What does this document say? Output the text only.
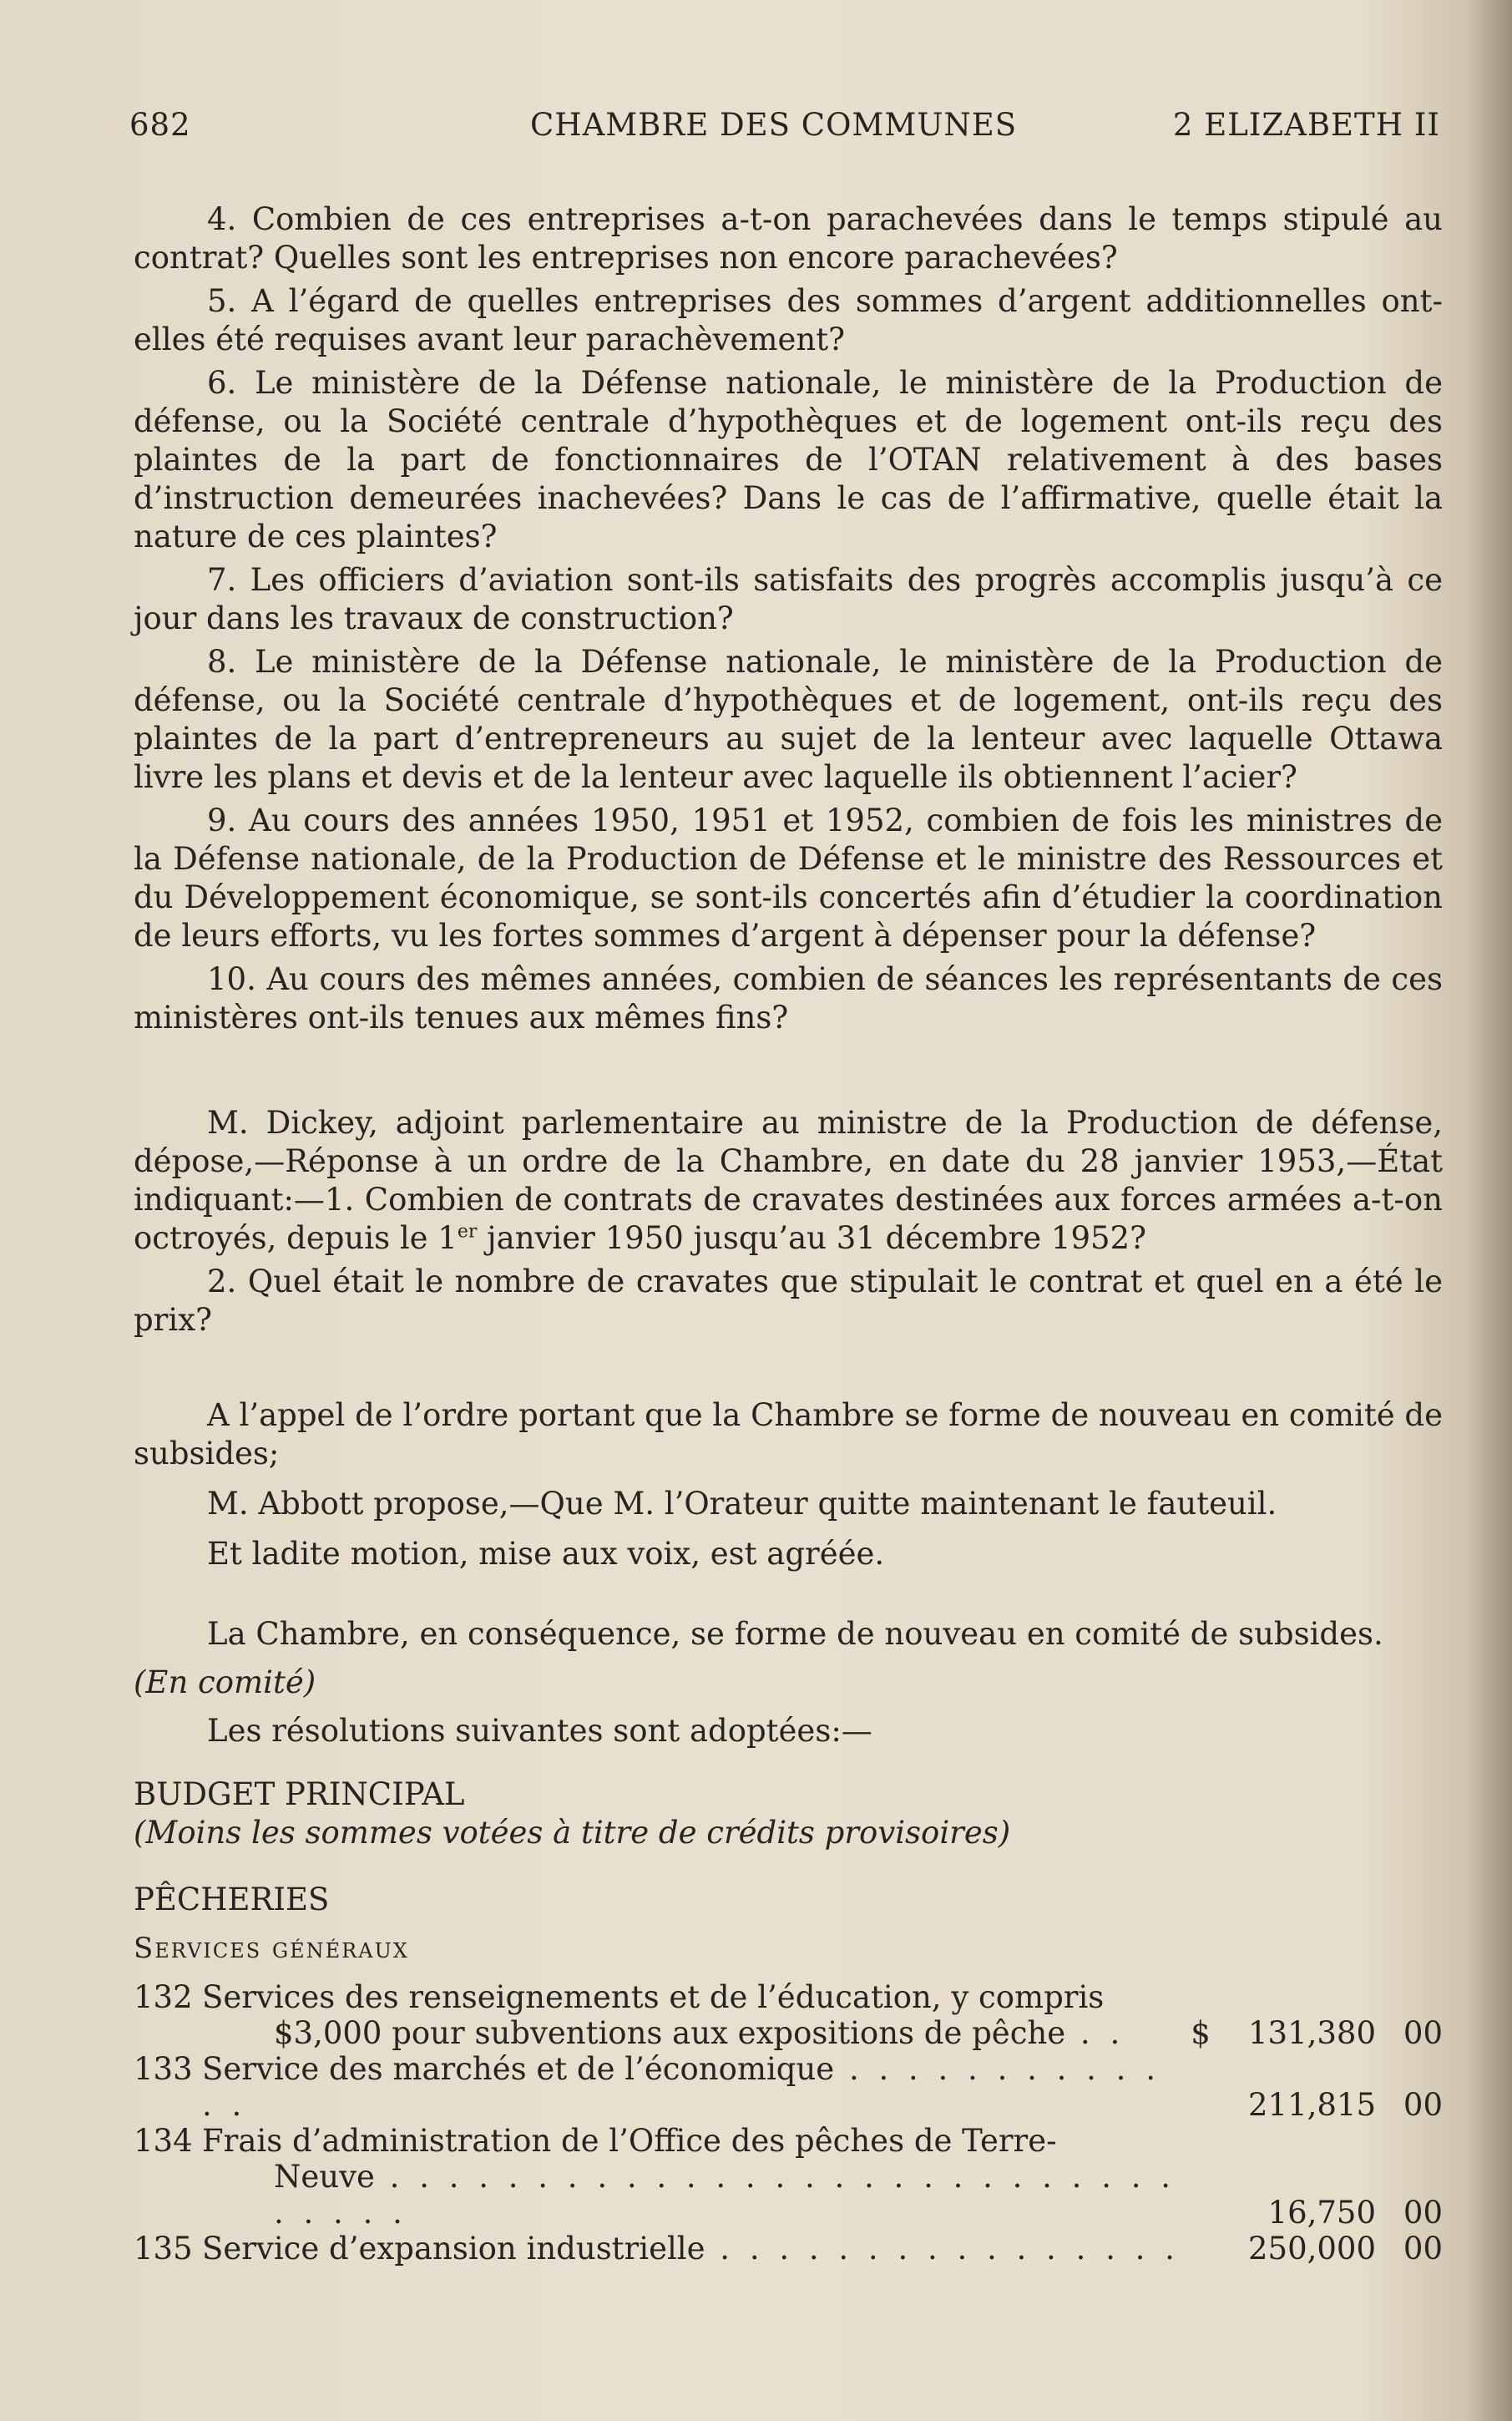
682	CHAMBRE DES COMMUNES	2 ELIZABETH II

4. Combien de ces entreprises a-t-on parachevées dans le temps stipulé au contrat? Quelles sont les entreprises non encore parachevées?

5. A l’égard de quelles entreprises des sommes d’argent additionnelles ont-elles été requises avant leur parachèvement?

6. Le ministère de la Défense nationale, le ministère de la Production de défense, ou la Société centrale d’hypothèques et de logement ont-ils reçu des plaintes de la part de fonctionnaires de l’OTAN relativement à des bases d’instruction demeurées inachevées? Dans le cas de l’affirmative, quelle était la nature de ces plaintes?

7. Les officiers d’aviation sont-ils satisfaits des progrès accomplis jusqu’à ce jour dans les travaux de construction?

8. Le ministère de la Défense nationale, le ministère de la Production de défense, ou la Société centrale d’hypothèques et de logement, ont-ils reçu des plaintes de la part d’entrepreneurs au sujet de la lenteur avec laquelle Ottawa livre les plans et devis et de la lenteur avec laquelle ils obtiennent l’acier?

9. Au cours des années 1950, 1951 et 1952, combien de fois les ministres de la Défense nationale, de la Production de Défense et le ministre des Ressources et du Développement économique, se sont-ils concertés afin d’étudier la coordination de leurs efforts, vu les fortes sommes d’argent à dépenser pour la défense?

10. Au cours des mêmes années, combien de séances les représentants de ces ministères ont-ils tenues aux mêmes fins?

M. Dickey, adjoint parlementaire au ministre de la Production de défense, dépose,—Réponse à un ordre de la Chambre, en date du 28 janvier 1953,—État indiquant:—1. Combien de contrats de cravates destinées aux forces armées a-t-on octroyés, depuis le 1er janvier 1950 jusqu’au 31 décembre 1952?

2. Quel était le nombre de cravates que stipulait le contrat et quel en a été le prix?

A l’appel de l’ordre portant que la Chambre se forme de nouveau en comité de subsides;

M. Abbott propose,—Que M. l’Orateur quitte maintenant le fauteuil.

Et ladite motion, mise aux voix, est agréée.

La Chambre, en conséquence, se forme de nouveau en comité de subsides.

(En comité)

Les résolutions suivantes sont adoptées:—

BUDGET PRINCIPAL

(Moins les sommes votées à titre de crédits provisoires)

PÊCHERIES

Services généraux

132	Services des renseignements et de l’éducation, y compris
$3,000 pour subventions aux expositions de pêche . .	$	131,380	00
133	Service des marchés et de l’économique . . . . . . . . . . . . .		211,815	00
134	Frais d’administration de l’Office des pêches de Terre-
Neuve . . . . . . . . . . . . . . . . . . . . . . . . . . . . . . . .		16,750	00
135	Service d’expansion industrielle . . . . . . . . . . . . . . . .		250,000	00
